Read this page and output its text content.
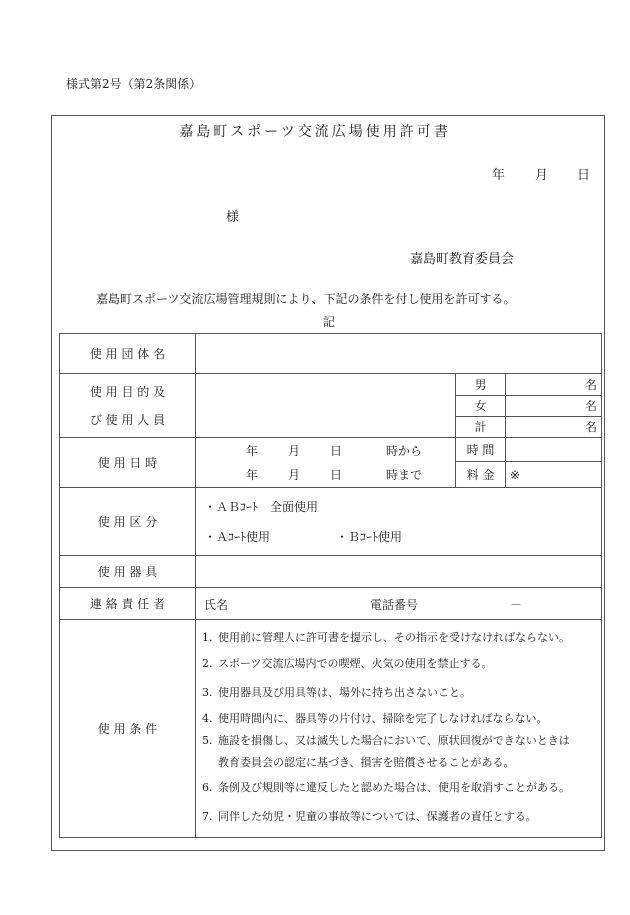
様式第2号（第2条関係）
嘉島町スポーツ交流広場使用許可書
年 月 日
様
嘉島町教育委員会
嘉島町スポーツ交流広場管理規則により、下記の条件を付し使用を許可する。
記
使 用 団 体 名	

使 用 目 的 及
び 使 用 人 員

男	名
女	名
計	名

使 用 日 時	
年 月 日	時から	時 間	

年 月 日	時まで	料 金	※
使 用 区 分	
・ＡＢｺｰﾄ　全面使用
・Ａｺｰﾄ使用	・Ｂｺｰﾄ使用

使 用 器 具	
連 絡 責 任 者	氏名	電話番号	－

使 用 条 件	
1. 使用前に管理人に許可書を提示し、その指示を受けなければならない。
2. スポーツ交流広場内での喫煙、火気の使用を禁止する。
3. 使用器具及び用具等は、場外に持ち出さないこと。
4. 使用時間内に、器具等の片付け、掃除を完了しなければならない。
5. 施設を損傷し、又は滅失した場合において、原状回復ができないときは
教育委員会の認定に基づき、損害を賠償させることがある。
6. 条例及び規則等に違反したと認めた場合は、使用を取消すことがある。
7. 同伴した幼児・児童の事故等については、保護者の責任とする。
